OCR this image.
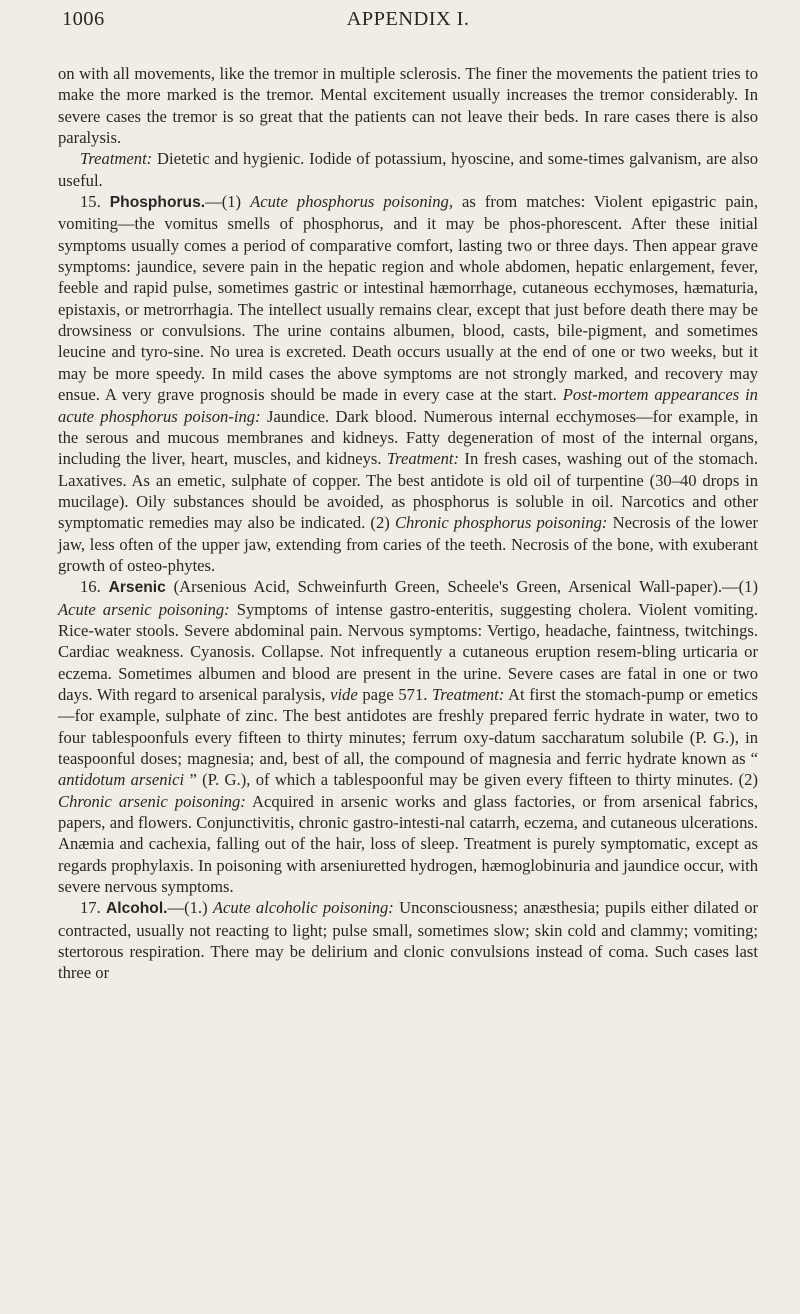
1006	APPENDIX I.

on with all movements, like the tremor in multiple sclerosis. The finer the movements the patient tries to make the more marked is the tremor. Mental excitement usually increases the tremor considerably. In severe cases the tremor is so great that the patients can not leave their beds. In rare cases there is also paralysis.

Treatment: Dietetic and hygienic. Iodide of potassium, hyoscine, and some-times galvanism, are also useful.

15. Phosphorus.—(1) Acute phosphorus poisoning, as from matches: Violent epigastric pain, vomiting—the vomitus smells of phosphorus, and it may be phos-phorescent. After these initial symptoms usually comes a period of comparative comfort, lasting two or three days. Then appear grave symptoms: jaundice, severe pain in the hepatic region and whole abdomen, hepatic enlargement, fever, feeble and rapid pulse, sometimes gastric or intestinal hæmorrhage, cutaneous ecchymoses, hæmaturia, epistaxis, or metrorrhagia. The intellect usually remains clear, except that just before death there may be drowsiness or convulsions. The urine contains albumen, blood, casts, bile-pigment, and sometimes leucine and tyro-sine. No urea is excreted. Death occurs usually at the end of one or two weeks, but it may be more speedy. In mild cases the above symptoms are not strongly marked, and recovery may ensue. A very grave prognosis should be made in every case at the start. Post-mortem appearances in acute phosphorus poison-ing: Jaundice. Dark blood. Numerous internal ecchymoses—for example, in the serous and mucous membranes and kidneys. Fatty degeneration of most of the internal organs, including the liver, heart, muscles, and kidneys. Treatment: In fresh cases, washing out of the stomach. Laxatives. As an emetic, sulphate of copper. The best antidote is old oil of turpentine (30–40 drops in mucilage). Oily substances should be avoided, as phosphorus is soluble in oil. Narcotics and other symptomatic remedies may also be indicated. (2) Chronic phosphorus poisoning: Necrosis of the lower jaw, less often of the upper jaw, extending from caries of the teeth. Necrosis of the bone, with exuberant growth of osteo-phytes.

16. Arsenic (Arsenious Acid, Schweinfurth Green, Scheele's Green, Arsenical Wall-paper).—(1) Acute arsenic poisoning: Symptoms of intense gastro-enteritis, suggesting cholera. Violent vomiting. Rice-water stools. Severe abdominal pain. Nervous symptoms: Vertigo, headache, faintness, twitchings. Cardiac weakness. Cyanosis. Collapse. Not infrequently a cutaneous eruption resem-bling urticaria or eczema. Sometimes albumen and blood are present in the urine. Severe cases are fatal in one or two days. With regard to arsenical paralysis, vide page 571. Treatment: At first the stomach-pump or emetics—for example, sulphate of zinc. The best antidotes are freshly prepared ferric hydrate in water, two to four tablespoonfuls every fifteen to thirty minutes; ferrum oxy-datum saccharatum solubile (P. G.), in teaspoonful doses; magnesia; and, best of all, the compound of magnesia and ferric hydrate known as “ antidotum arsenici ” (P. G.), of which a tablespoonful may be given every fifteen to thirty minutes. (2) Chronic arsenic poisoning: Acquired in arsenic works and glass factories, or from arsenical fabrics, papers, and flowers. Conjunctivitis, chronic gastro-intesti-nal catarrh, eczema, and cutaneous ulcerations. Anæmia and cachexia, falling out of the hair, loss of sleep. Treatment is purely symptomatic, except as regards prophylaxis. In poisoning with arseniuretted hydrogen, hæmoglobinuria and jaundice occur, with severe nervous symptoms.

17. Alcohol.—(1.) Acute alcoholic poisoning: Unconsciousness; anæsthesia; pupils either dilated or contracted, usually not reacting to light; pulse small, sometimes slow; skin cold and clammy; vomiting; stertorous respiration. There may be delirium and clonic convulsions instead of coma. Such cases last three or
